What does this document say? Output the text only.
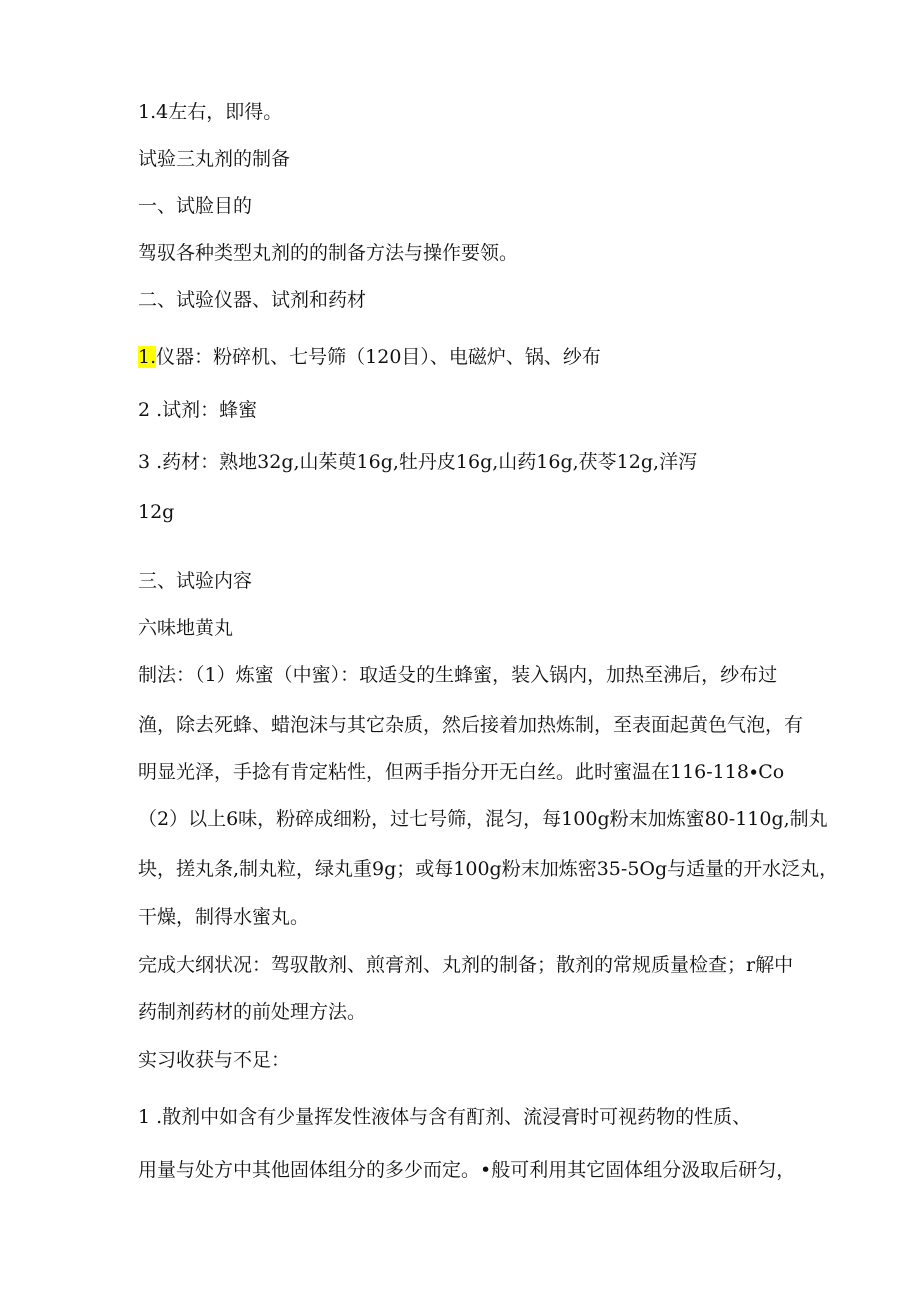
1.4左右，即得。
试验三丸剂的制备
一、试脸目的
驾驭各种类型丸剂的的制备方法与操作要领。
二、试验仪器、试剂和药材
1.仪器：粉碎机、七号筛（120目）、电磁炉、锅、纱布
2 .试剂：蜂蜜
3 .药材：熟地32g,山茱萸16g,牡丹皮16g,山药16g,茯苓12g,洋泻
12g
三、试验内容
六味地黄丸
制法：（1）炼蜜（中蜜）：取适殳的生蜂蜜，装入锅内，加热至沸后，纱布过
渔，除去死蜂、蜡泡沫与其它杂质，然后接着加热炼制，至表面起黄色气泡，有
明显光泽，手捻有肯定粘性，但两手指分开无白丝。此时蜜温在116-118∙Co
（2）以上6味，粉碎成细粉，过七号筛，混匀，每100g粉末加炼蜜80-110g,制丸
块，搓丸条,制丸粒，绿丸重9g；或每100g粉末加炼密35-5Og与适量的开水泛丸，
干燥，制得水蜜丸。
完成大纲状况：驾驭散剂、煎膏剂、丸剂的制备；散剂的常规质量检查；r解中
药制剂药材的前处理方法。
实习收获与不足：
1 .散剂中如含有少量挥发性液体与含有酊剂、流浸膏时可视药物的性质、
用量与处方中其他固体组分的多少而定。•般可利用其它固体组分汲取后研匀，
